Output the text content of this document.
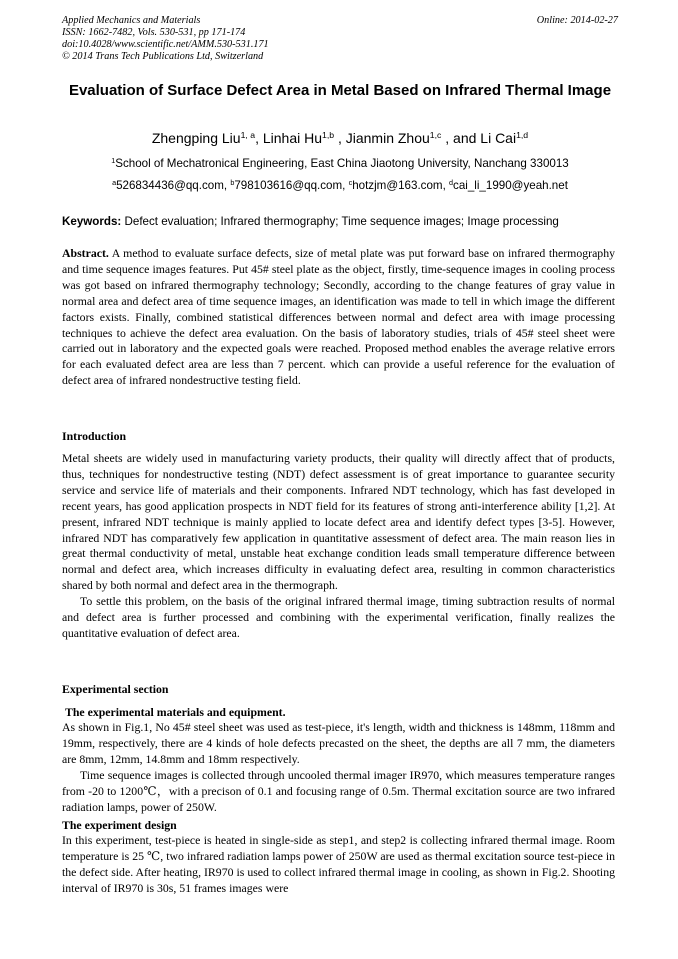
Applied Mechanics and Materials
ISSN: 1662-7482, Vols. 530-531, pp 171-174
doi:10.4028/www.scientific.net/AMM.530-531.171
© 2014 Trans Tech Publications Ltd, Switzerland
Online: 2014-02-27
Evaluation of Surface Defect Area in Metal Based on Infrared Thermal Image
Zhengping Liu$^{1, a}$, Linhai Hu$^{1,b}$ , Jianmin Zhou$^{1,c}$ , and Li Cai$^{1,d}$
$^1$School of Mechatronical Engineering, East China Jiaotong University, Nanchang 330013
$^a$526834436@qq.com, $^b$798103616@qq.com, $^c$hotzjm@163.com, $^d$cai_li_1990@yeah.net
Keywords: Defect evaluation; Infrared thermography; Time sequence images; Image processing
Abstract. A method to evaluate surface defects, size of metal plate was put forward base on infrared thermography and time sequence images features. Put 45# steel plate as the object, firstly, time-sequence images in cooling process was got based on infrared thermography technology; Secondly, according to the change features of gray value in normal area and defect area of time sequence images, an identification was made to tell in which image the different factors exists. Finally, combined statistical differences between normal and defect area with image processing techniques to achieve the defect area evaluation. On the basis of laboratory studies, trials of 45# steel sheet were carried out in laboratory and the expected goals were reached. Proposed method enables the average relative errors for each evaluated defect area are less than 7 percent. which can provide a useful reference for the evaluation of defect area of infrared nondestructive testing field.
Introduction
Metal sheets are widely used in manufacturing variety products, their quality will directly affect that of products, thus, techniques for nondestructive testing (NDT) defect assessment is of great importance to guarantee security service and service life of materials and their components. Infrared NDT technology, which has fast developed in recent years, has good application prospects in NDT field for its features of strong anti-interference ability [1,2]. At present, infrared NDT technique is mainly applied to locate defect area and identify defect types [3-5]. However, infrared NDT has comparatively few application in quantitative assessment of defect area. The main reason lies in great thermal conductivity of metal, unstable heat exchange condition leads small temperature difference between normal and defect area, which increases difficulty in evaluating defect area, resulting in common characteristics shared by both normal and defect area in the thermograph.
To settle this problem, on the basis of the original infrared thermal image, timing subtraction results of normal and defect area is further processed and combining with the experimental verification, finally realizes the quantitative evaluation of defect area.
Experimental section
The experimental materials and equipment.
As shown in Fig.1, No 45# steel sheet was used as test-piece, it's length, width and thickness is 148mm, 118mm and 19mm, respectively, there are 4 kinds of hole defects precasted on the sheet, the depths are all 7 mm, the diameters are 8mm, 12mm, 14.8mm and 18mm respectively.
Time sequence images is collected through uncooled thermal imager IR970, which measures temperature ranges from -20 to 1200℃，with a precison of 0.1 and focusing range of 0.5m. Thermal excitation source are two infrared radiation lamps, power of 250W.
The experiment design
In this experiment, test-piece is heated in single-side as step1, and step2 is collecting infrared thermal image. Room temperature is 25 ℃, two infrared radiation lamps power of 250W are used as thermal excitation source test-piece in the defect side. After heating, IR970 is used to collect infrared thermal image in cooling, as shown in Fig.2. Shooting interval of IR970 is 30s, 51 frames images were
